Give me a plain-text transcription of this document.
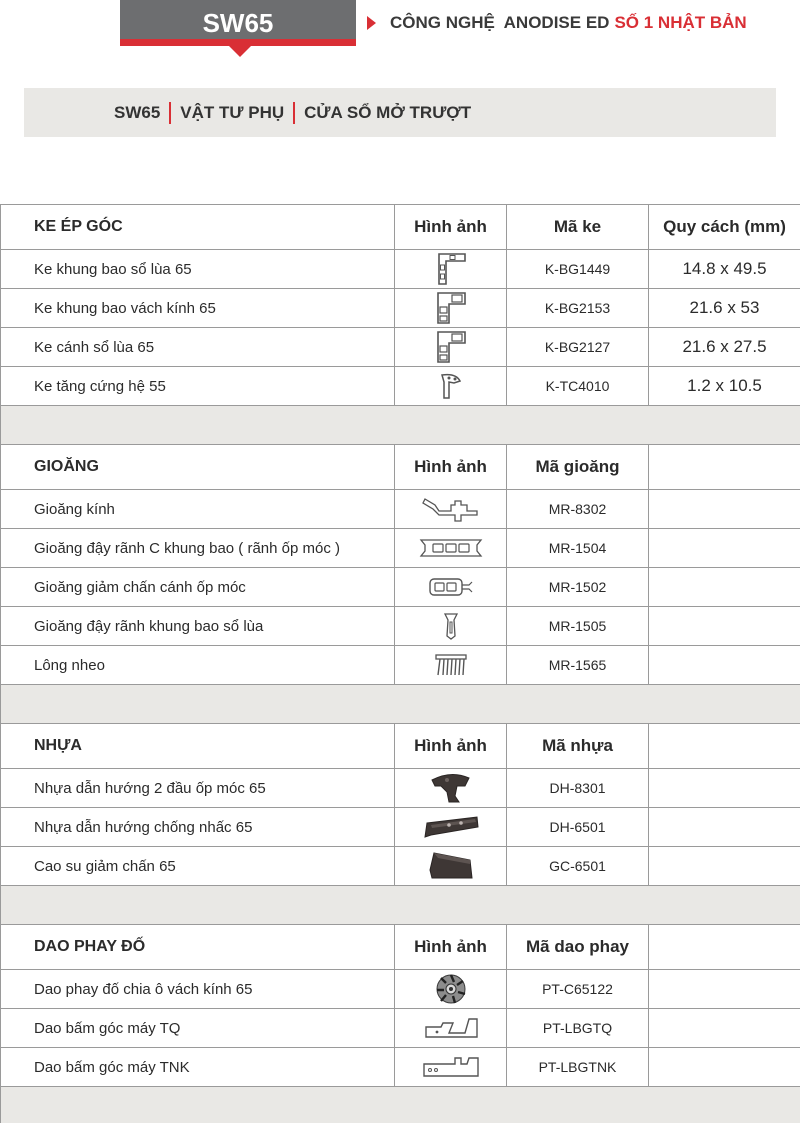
SW65	CÔNG NGHỆ  ANODISE ED SỐ 1 NHẬT BẢN
SW65 VẬT TƯ PHỤ CỬA SỔ MỞ TRƯỢT
KE ÉP GÓC	Hình ảnh	Mã ke	Quy cách (mm)
Ke khung bao sổ lùa 65		K-BG1449	14.8 x 49.5
Ke khung bao vách kính 65		K-BG2153	21.6 x 53
Ke cánh sổ lùa 65		K-BG2127	21.6 x 27.5
Ke tăng cứng hệ 55		K-TC4010	1.2 x 10.5

GIOĂNG	Hình ảnh	Mã gioăng	
Gioăng kính		MR-8302	
Gioăng đậy rãnh C khung bao ( rãnh ốp móc )		MR-1504	
Gioăng giảm chấn cánh ốp móc		MR-1502	
Gioăng đậy rãnh khung bao sổ lùa		MR-1505	
Lông nheo		MR-1565	

NHỰA	Hình ảnh	Mã nhựa	
Nhựa dẫn hướng 2 đầu ốp móc 65		DH-8301	
Nhựa dẫn hướng chống nhấc 65		DH-6501	
Cao su giảm chấn 65		GC-6501	

DAO PHAY ĐỐ	Hình ảnh	Mã dao phay	
Dao phay đố chia ô vách kính 65		PT-C65122	
Dao bấm góc máy TQ		PT-LBGTQ	
Dao bấm góc máy TNK		PT-LBGTNK	
